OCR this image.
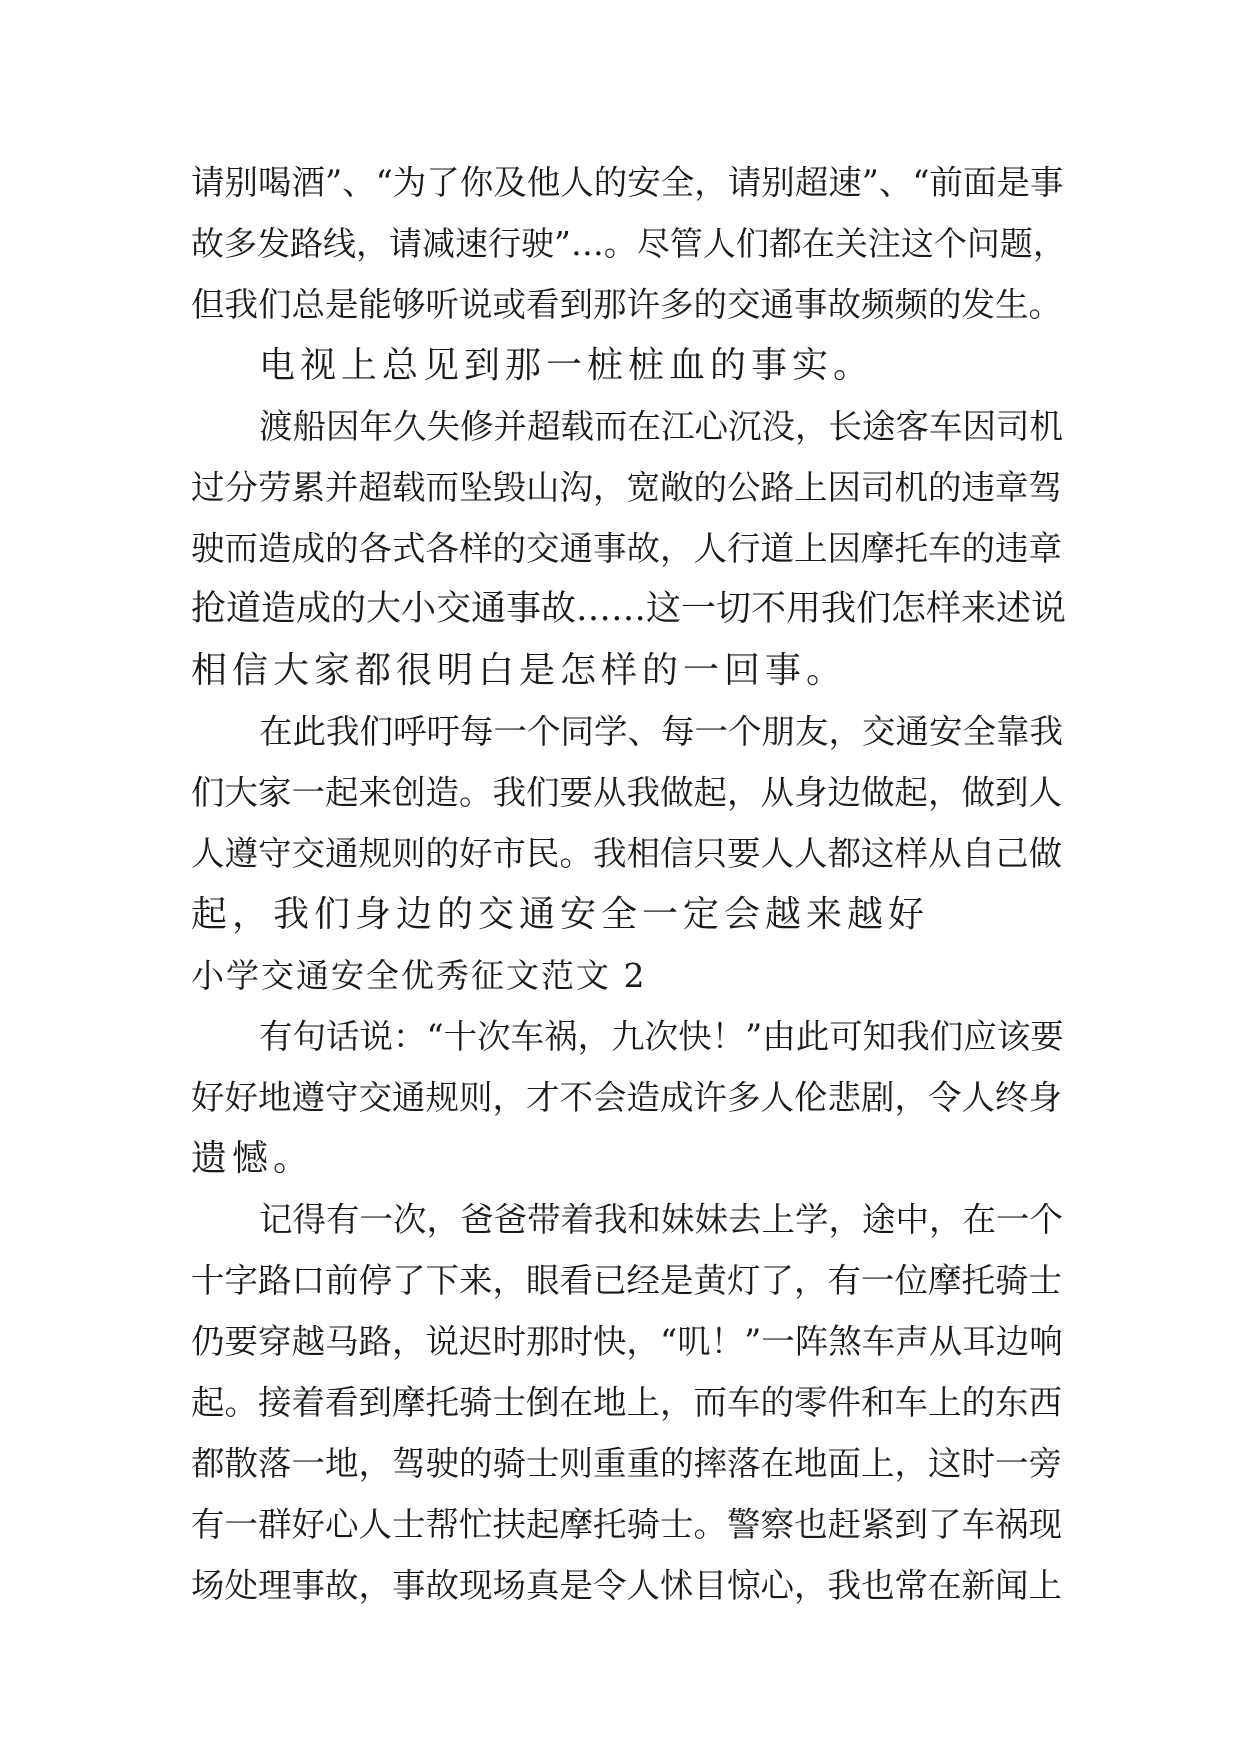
请别喝酒”、“为了你及他人的安全，请别超速”、“前面是事
故多发路线，请减速行驶”…。尽管人们都在关注这个问题，
但我们总是能够听说或看到那许多的交通事故频频的发生。
电视上总见到那一桩桩血的事实。
渡船因年久失修并超载而在江心沉没，长途客车因司机
过分劳累并超载而坠毁山沟，宽敞的公路上因司机的违章驾
驶而造成的各式各样的交通事故，人行道上因摩托车的违章
抢道造成的大小交通事故……这一切不用我们怎样来述说
相信大家都很明白是怎样的一回事。
在此我们呼吁每一个同学、每一个朋友，交通安全靠我
们大家一起来创造。我们要从我做起，从身边做起，做到人
人遵守交通规则的好市民。我相信只要人人都这样从自己做
起，我们身边的交通安全一定会越来越好
小学交通安全优秀征文范文 2
有句话说：“十次车祸，九次快！”由此可知我们应该要
好好地遵守交通规则，才不会造成许多人伦悲剧，令人终身
遗憾。
记得有一次，爸爸带着我和妹妹去上学，途中，在一个
十字路口前停了下来，眼看已经是黄灯了，有一位摩托骑士
仍要穿越马路，说迟时那时快，“叽！”一阵煞车声从耳边响
起。接着看到摩托骑士倒在地上，而车的零件和车上的东西
都散落一地，驾驶的骑士则重重的摔落在地面上，这时一旁
有一群好心人士帮忙扶起摩托骑士。警察也赶紧到了车祸现
场处理事故，事故现场真是令人怵目惊心，我也常在新闻上
